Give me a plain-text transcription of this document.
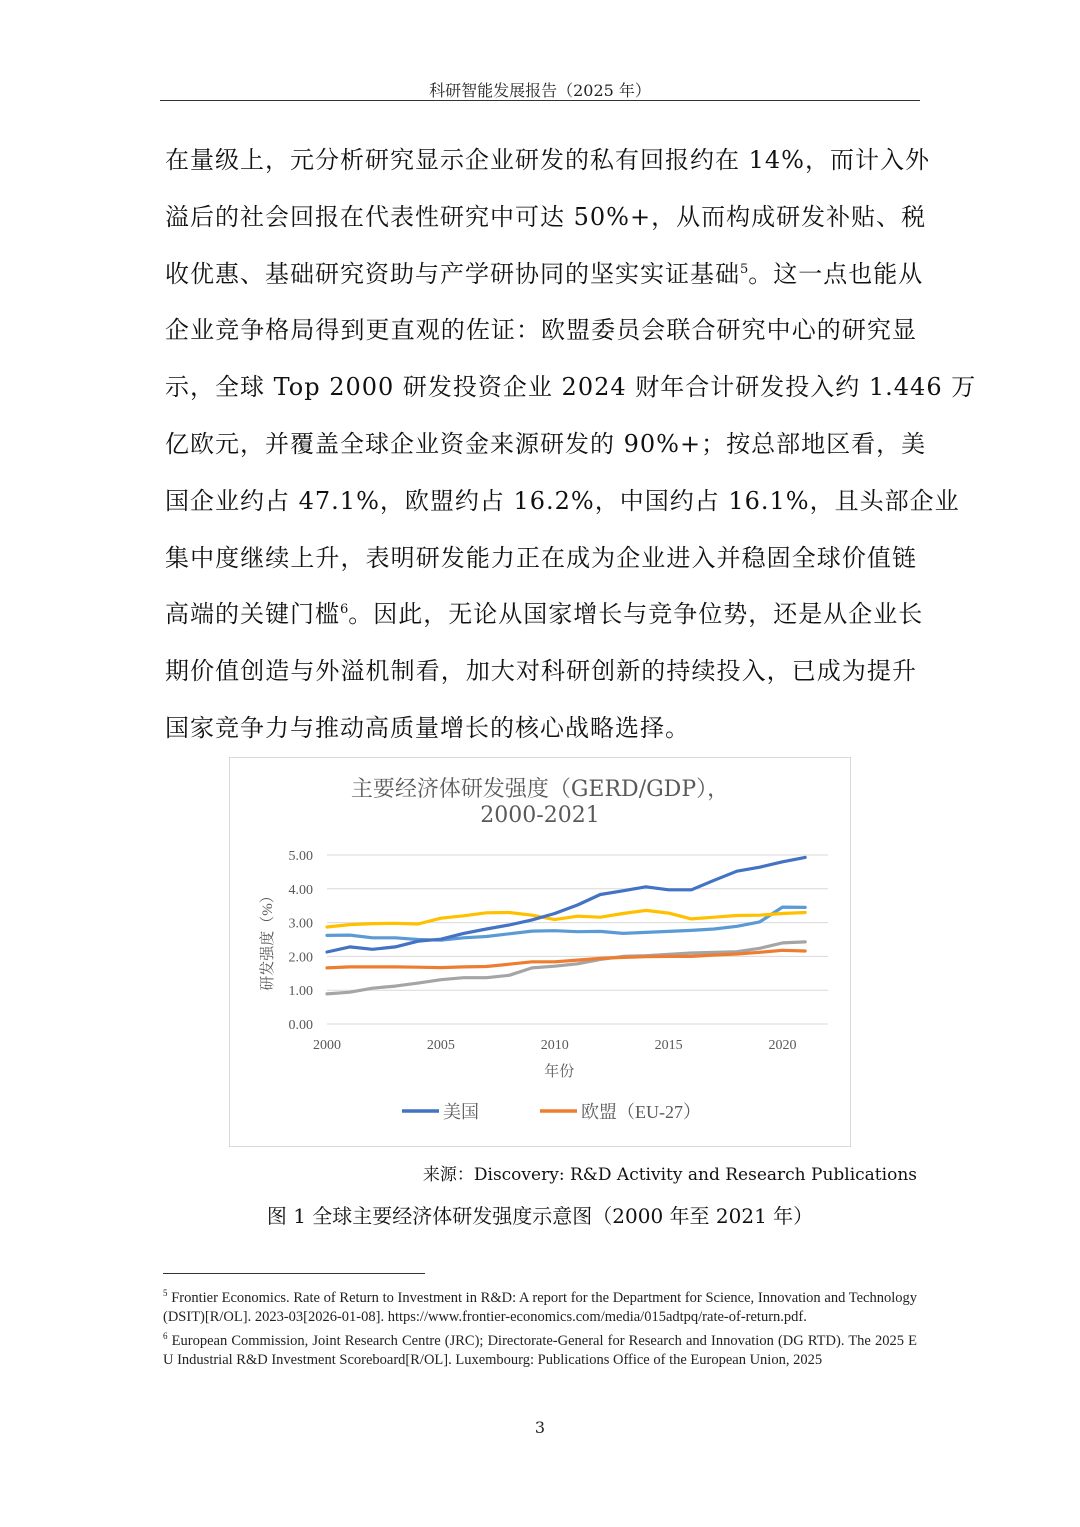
科研智能发展报告（2025 年）
在量级上，元分析研究显示企业研发的私有回报约在 14%，而计入外
溢后的社会回报在代表性研究中可达 50%+，从而构成研发补贴、税
收优惠、基础研究资助与产学研协同的坚实实证基础$^5$。这一点也能从
企业竞争格局得到更直观的佐证：欧盟委员会联合研究中心的研究显
示，全球 Top 2000 研发投资企业 2024 财年合计研发投入约 1.446 万
亿欧元，并覆盖全球企业资金来源研发的 90%+；按总部地区看，美
国企业约占 47.1%，欧盟约占 16.2%，中国约占 16.1%，且头部企业
集中度继续上升，表明研发能力正在成为企业进入并稳固全球价值链
高端的关键门槛$^6$。因此，无论从国家增长与竞争位势，还是从企业长
期价值创造与外溢机制看，加大对科研创新的持续投入，已成为提升
国家竞争力与推动高质量增长的核心战略选择。
主要经济体研发强度（GERD/GDP），
2000-2021
0.00
1.00
2.00
3.00
4.00
5.00
2000	2005	2010	2015	2020
年份
研发强度（%）
美国	欧盟（EU-27）
来源：Discovery: R&D Activity and Research Publications
图 1 全球主要经济体研发强度示意图（2000 年至 2021 年）

$^5$ Frontier Economics. Rate of Return to Investment in R&D: A report for the Department for Science, Innovation and Technology (DSIT)[R/OL]. 2023-03[2026-01-08]. https://www.frontier-economics.com/media/015adtpq/rate-of-return.pdf.

$^6$ European Commission, Joint Research Centre (JRC); Directorate-General for Research and Innovation (DG RTD). The 2025 EU Industrial R&D Investment Scoreboard[R/OL]. Luxembourg: Publications Office of the European Union, 2025

3
